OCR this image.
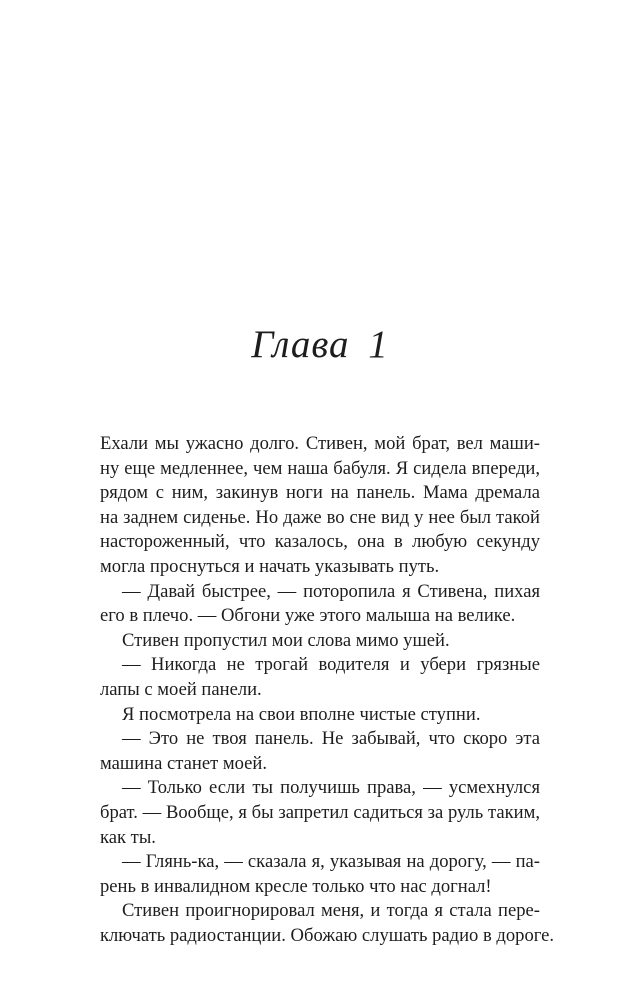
Глава 1
Ехали мы ужасно долго. Стивен, мой брат, вел маши-
ну еще медленнее, чем наша бабуля. Я сидела впереди,
рядом с ним, закинув ноги на панель. Мама дремала
на заднем сиденье. Но даже во сне вид у нее был такой
настороженный, что казалось, она в любую секунду
могла проснуться и начать указывать путь.
— Давай быстрее, — поторопила я Стивена, пихая
его в плечо. — Обгони уже этого малыша на велике.
Стивен пропустил мои слова мимо ушей.
— Никогда не трогай водителя и убери грязные
лапы с моей панели.
Я посмотрела на свои вполне чистые ступни.
— Это не твоя панель. Не забывай, что скоро эта
машина станет моей.
— Только если ты получишь права, — усмехнулся
брат. — Вообще, я бы запретил садиться за руль таким,
как ты.
— Глянь-ка, — сказала я, указывая на дорогу, — па-
рень в инвалидном кресле только что нас догнал!
Стивен проигнорировал меня, и тогда я стала пере-
ключать радиостанции. Обожаю слушать радио в дороге.
